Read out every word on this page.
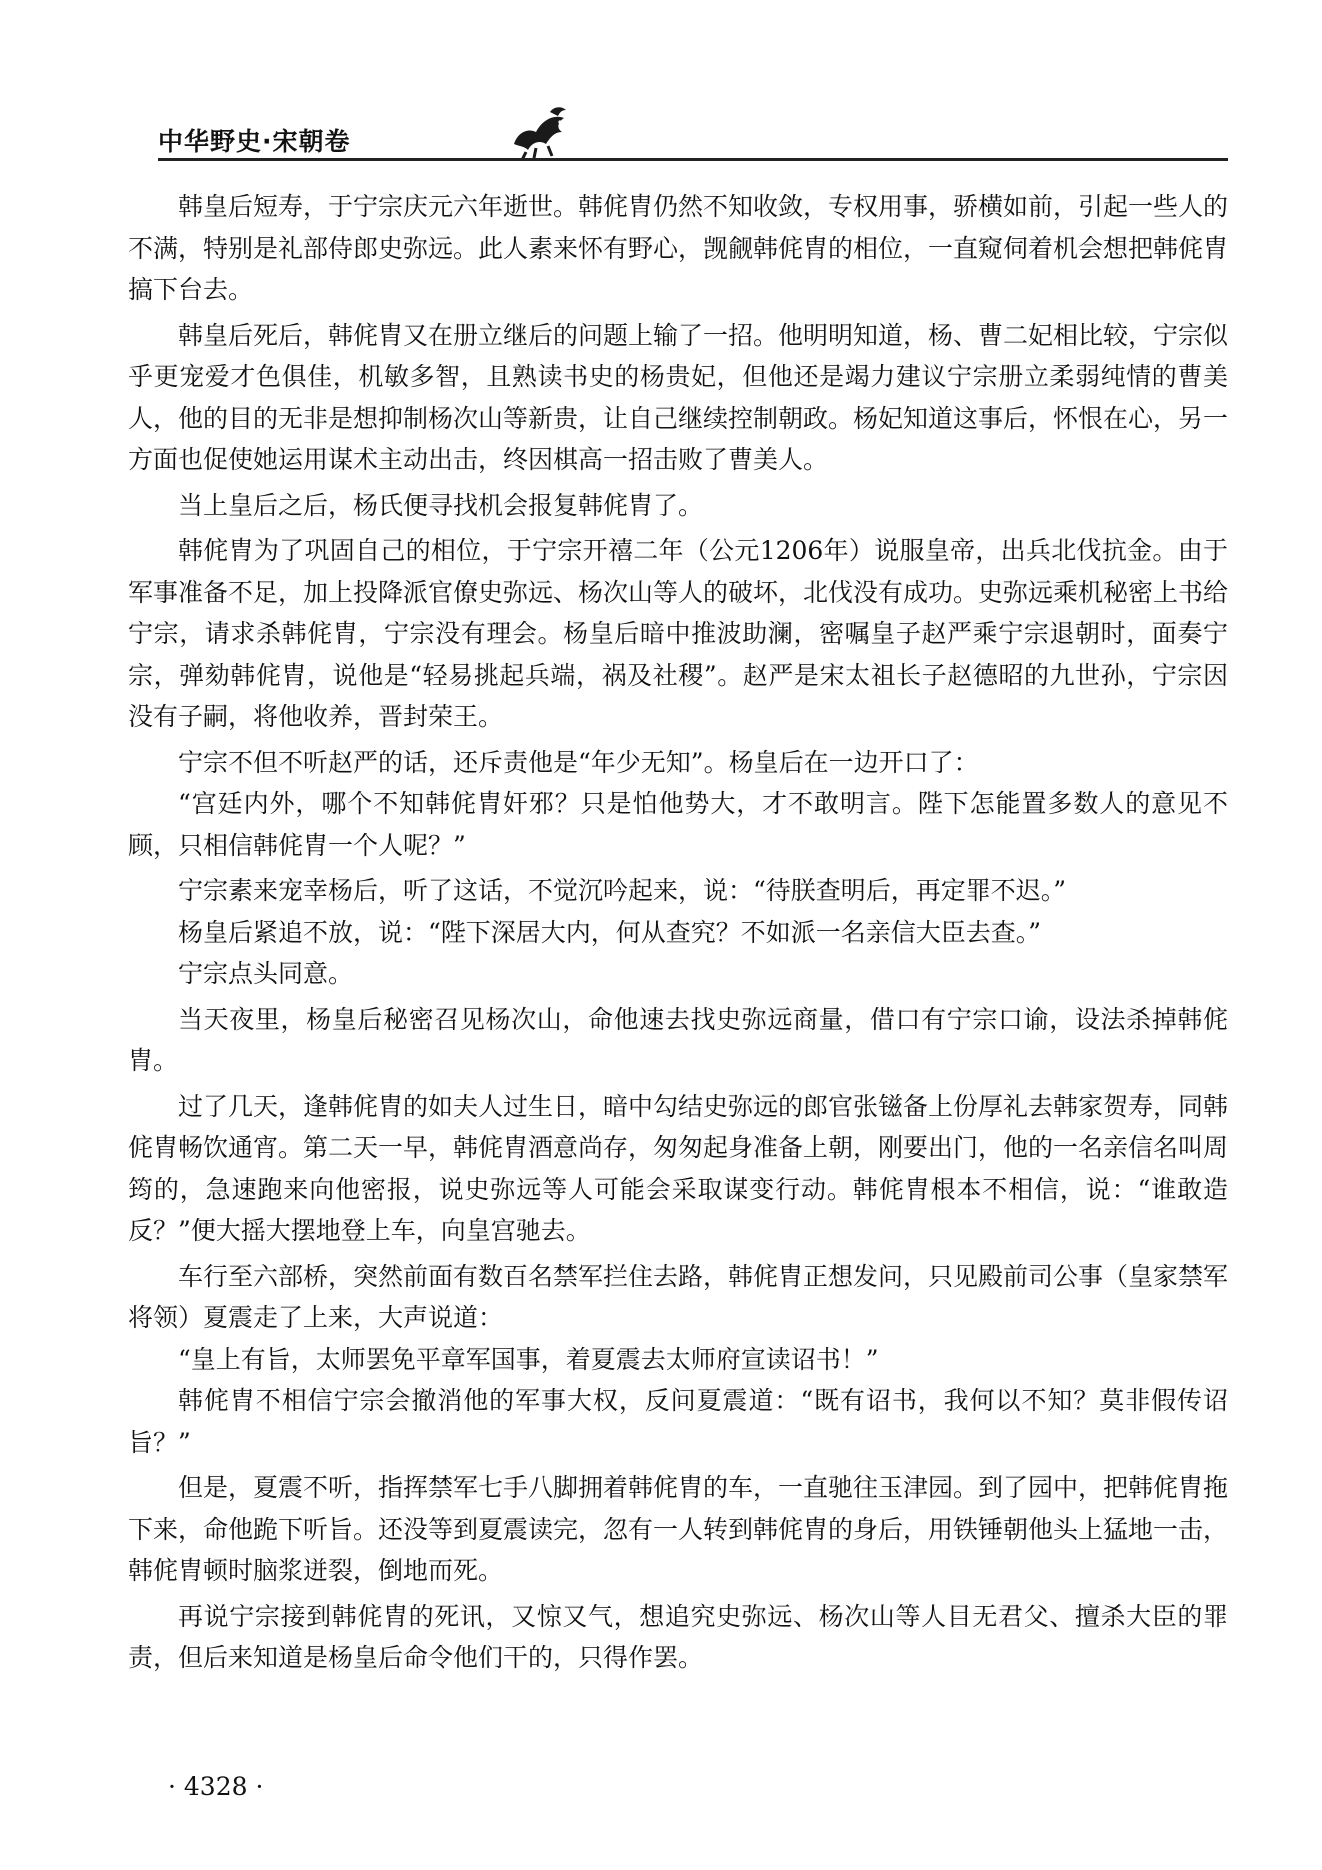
中华野史·宋朝卷

韩皇后短寿，于宁宗庆元六年逝世。韩侂胄仍然不知收敛，专权用事，骄横如前，引起一些人的不满，特别是礼部侍郎史弥远。此人素来怀有野心，觊觎韩侂胄的相位，一直窥伺着机会想把韩侂胄搞下台去。

韩皇后死后，韩侂胄又在册立继后的问题上输了一招。他明明知道，杨、曹二妃相比较，宁宗似乎更宠爱才色俱佳，机敏多智，且熟读书史的杨贵妃，但他还是竭力建议宁宗册立柔弱纯情的曹美人，他的目的无非是想抑制杨次山等新贵，让自己继续控制朝政。杨妃知道这事后，怀恨在心，另一方面也促使她运用谋术主动出击，终因棋高一招击败了曹美人。

当上皇后之后，杨氏便寻找机会报复韩侂胄了。

韩侂胄为了巩固自己的相位，于宁宗开禧二年（公元1206年）说服皇帝，出兵北伐抗金。由于军事准备不足，加上投降派官僚史弥远、杨次山等人的破坏，北伐没有成功。史弥远乘机秘密上书给宁宗，请求杀韩侂胄，宁宗没有理会。杨皇后暗中推波助澜，密嘱皇子赵严乘宁宗退朝时，面奏宁宗，弹劾韩侂胄，说他是“轻易挑起兵端，祸及社稷”。赵严是宋太祖长子赵德昭的九世孙，宁宗因没有子嗣，将他收养，晋封荣王。

宁宗不但不听赵严的话，还斥责他是“年少无知”。杨皇后在一边开口了：

“宫廷内外，哪个不知韩侂胄奸邪？只是怕他势大，才不敢明言。陛下怎能置多数人的意见不顾，只相信韩侂胄一个人呢？”

宁宗素来宠幸杨后，听了这话，不觉沉吟起来，说：“待朕查明后，再定罪不迟。”

杨皇后紧追不放，说：“陛下深居大内，何从查究？不如派一名亲信大臣去查。”

宁宗点头同意。

当天夜里，杨皇后秘密召见杨次山，命他速去找史弥远商量，借口有宁宗口谕，设法杀掉韩侂胄。

过了几天，逢韩侂胄的如夫人过生日，暗中勾结史弥远的郎官张镃备上份厚礼去韩家贺寿，同韩侂胄畅饮通宵。第二天一早，韩侂胄酒意尚存，匆匆起身准备上朝，刚要出门，他的一名亲信名叫周筠的，急速跑来向他密报，说史弥远等人可能会采取谋变行动。韩侂胄根本不相信，说：“谁敢造反？”便大摇大摆地登上车，向皇宫驰去。

车行至六部桥，突然前面有数百名禁军拦住去路，韩侂胄正想发问，只见殿前司公事（皇家禁军将领）夏震走了上来，大声说道：

“皇上有旨，太师罢免平章军国事，着夏震去太师府宣读诏书！”

韩侂胄不相信宁宗会撤消他的军事大权，反问夏震道：“既有诏书，我何以不知？莫非假传诏旨？”

但是，夏震不听，指挥禁军七手八脚拥着韩侂胄的车，一直驰往玉津园。到了园中，把韩侂胄拖下来，命他跪下听旨。还没等到夏震读完，忽有一人转到韩侂胄的身后，用铁锤朝他头上猛地一击，韩侂胄顿时脑浆迸裂，倒地而死。

再说宁宗接到韩侂胄的死讯，又惊又气，想追究史弥远、杨次山等人目无君父、擅杀大臣的罪责，但后来知道是杨皇后命令他们干的，只得作罢。

· 4328 ·
